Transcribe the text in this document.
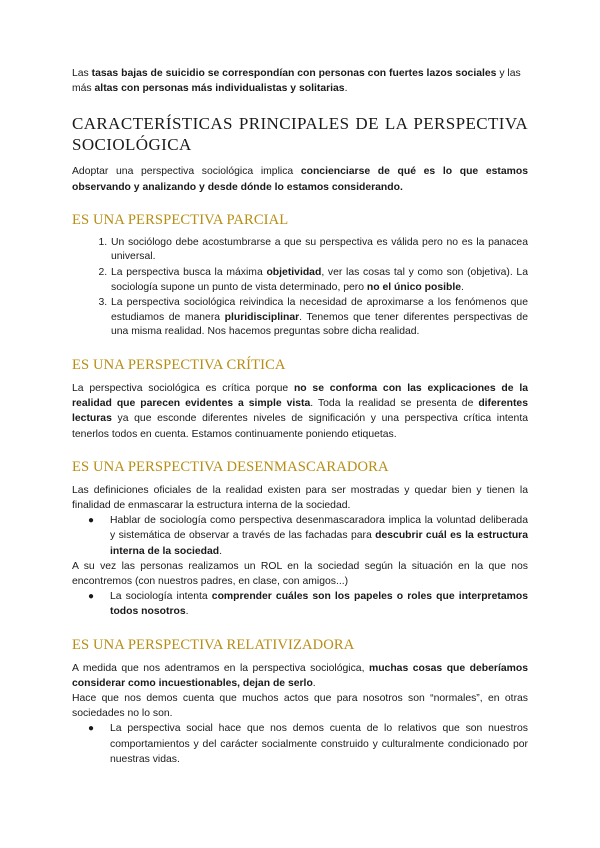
Las tasas bajas de suicidio se correspondían con personas con fuertes lazos sociales y las más altas con personas más individualistas y solitarias.

CARACTERÍSTICAS PRINCIPALES DE LA PERSPECTIVA SOCIOLÓGICA

Adoptar una perspectiva sociológica implica concienciarse de qué es lo que estamos observando y analizando y desde dónde lo estamos considerando.

ES UNA PERSPECTIVA PARCIAL
1. Un sociólogo debe acostumbrarse a que su perspectiva es válida pero no es la panacea universal.
2. La perspectiva busca la máxima objetividad, ver las cosas tal y como son (objetiva). La sociología supone un punto de vista determinado, pero no el único posible.
3. La perspectiva sociológica reivindica la necesidad de aproximarse a los fenómenos que estudiamos de manera pluridisciplinar. Tenemos que tener diferentes perspectivas de una misma realidad. Nos hacemos preguntas sobre dicha realidad.
ES UNA PERSPECTIVA CRÍTICA

La perspectiva sociológica es crítica porque no se conforma con las explicaciones de la realidad que parecen evidentes a simple vista. Toda la realidad se presenta de diferentes lecturas ya que esconde diferentes niveles de significación y una perspectiva crítica intenta tenerlos todos en cuenta. Estamos continuamente poniendo etiquetas.

ES UNA PERSPECTIVA DESENMASCARADORA

Las definiciones oficiales de la realidad existen para ser mostradas y quedar bien y tienen la finalidad de enmascarar la estructura interna de la sociedad.

● Hablar de sociología como perspectiva desenmascaradora implica la voluntad deliberada y sistemática de observar a través de las fachadas para descubrir cuál es la estructura interna de la sociedad.

A su vez las personas realizamos un ROL en la sociedad según la situación en la que nos encontremos (con nuestros padres, en clase, con amigos...)

● La sociología intenta comprender cuáles son los papeles o roles que interpretamos todos nosotros.
ES UNA PERSPECTIVA RELATIVIZADORA

A medida que nos adentramos en la perspectiva sociológica, muchas cosas que deberíamos considerar como incuestionables, dejan de serlo.

Hace que nos demos cuenta que muchos actos que para nosotros son “normales”, en otras sociedades no lo son.

● La perspectiva social hace que nos demos cuenta de lo relativos que son nuestros comportamientos y del carácter socialmente construido y culturalmente condicionado por nuestras vidas.
